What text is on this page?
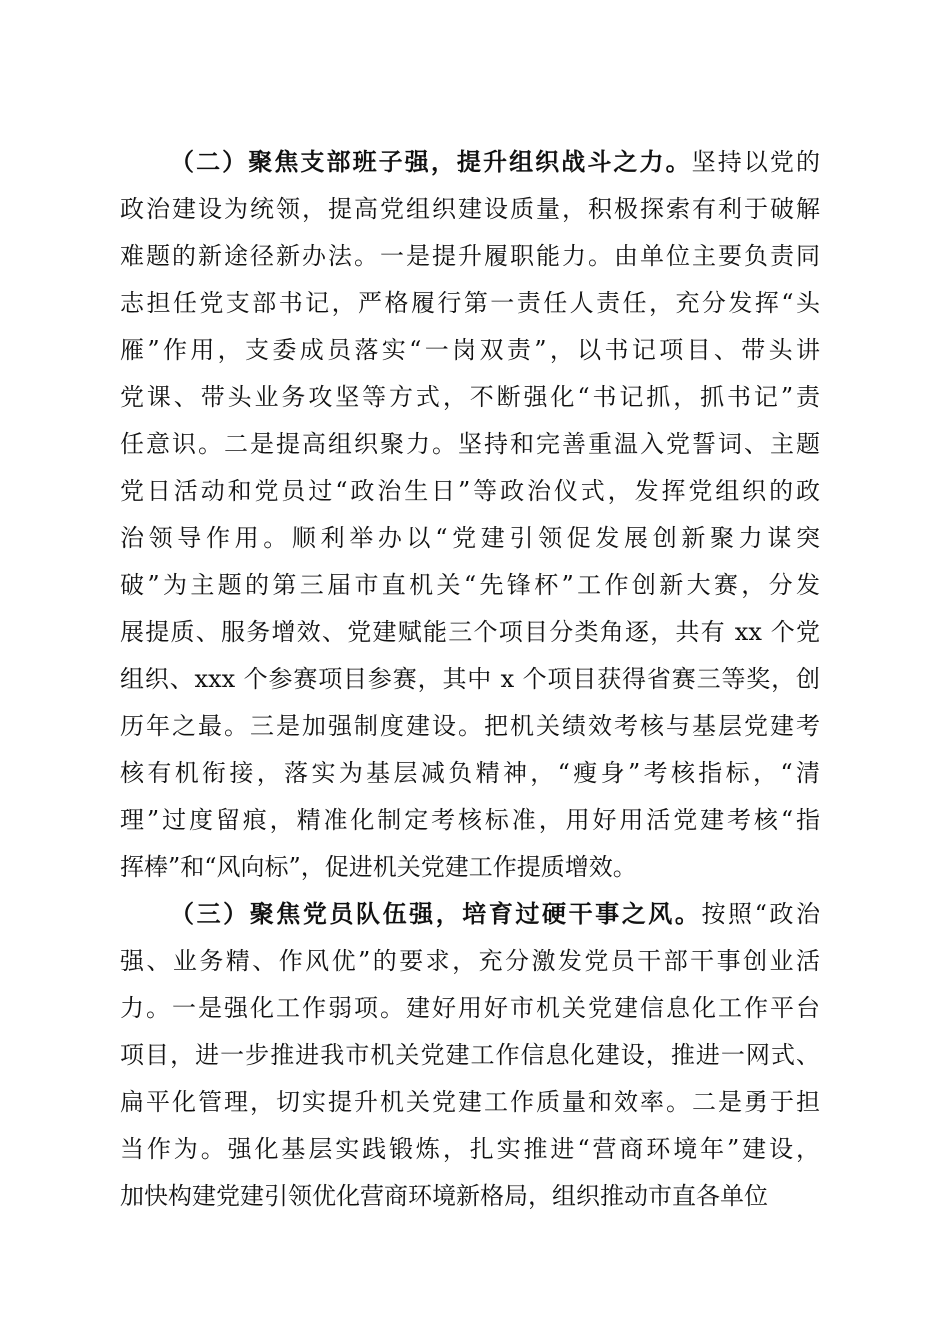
（二）聚焦支部班子强，提升组织战斗之力。坚持以党的
政治建设为统领，提高党组织建设质量，积极探索有利于破解
难题的新途径新办法。一是提升履职能力。由单位主要负责同
志担任党支部书记，严格履行第一责任人责任，充分发挥“头
雁”作用，支委成员落实“一岗双责”，以书记项目、带头讲
党课、带头业务攻坚等方式，不断强化“书记抓，抓书记”责
任意识。二是提高组织聚力。坚持和完善重温入党誓词、主题
党日活动和党员过“政治生日”等政治仪式，发挥党组织的政
治领导作用。顺利举办以“党建引领促发展创新聚力谋突
破”为主题的第三届市直机关“先锋杯”工作创新大赛，分发
展提质、服务增效、党建赋能三个项目分类角逐，共有 xx 个党
组织、xxx 个参赛项目参赛，其中 x 个项目获得省赛三等奖，创
历年之最。三是加强制度建设。把机关绩效考核与基层党建考
核有机衔接，落实为基层减负精神，“瘦身”考核指标，“清
理”过度留痕，精准化制定考核标准，用好用活党建考核“指
挥棒”和“风向标”，促进机关党建工作提质增效。
（三）聚焦党员队伍强，培育过硬干事之风。按照“政治
强、业务精、作风优”的要求，充分激发党员干部干事创业活
力。一是强化工作弱项。建好用好市机关党建信息化工作平台
项目，进一步推进我市机关党建工作信息化建设，推进一网式、
扁平化管理，切实提升机关党建工作质量和效率。二是勇于担
当作为。强化基层实践锻炼，扎实推进“营商环境年”建设，
加快构建党建引领优化营商环境新格局，组织推动市直各单位
